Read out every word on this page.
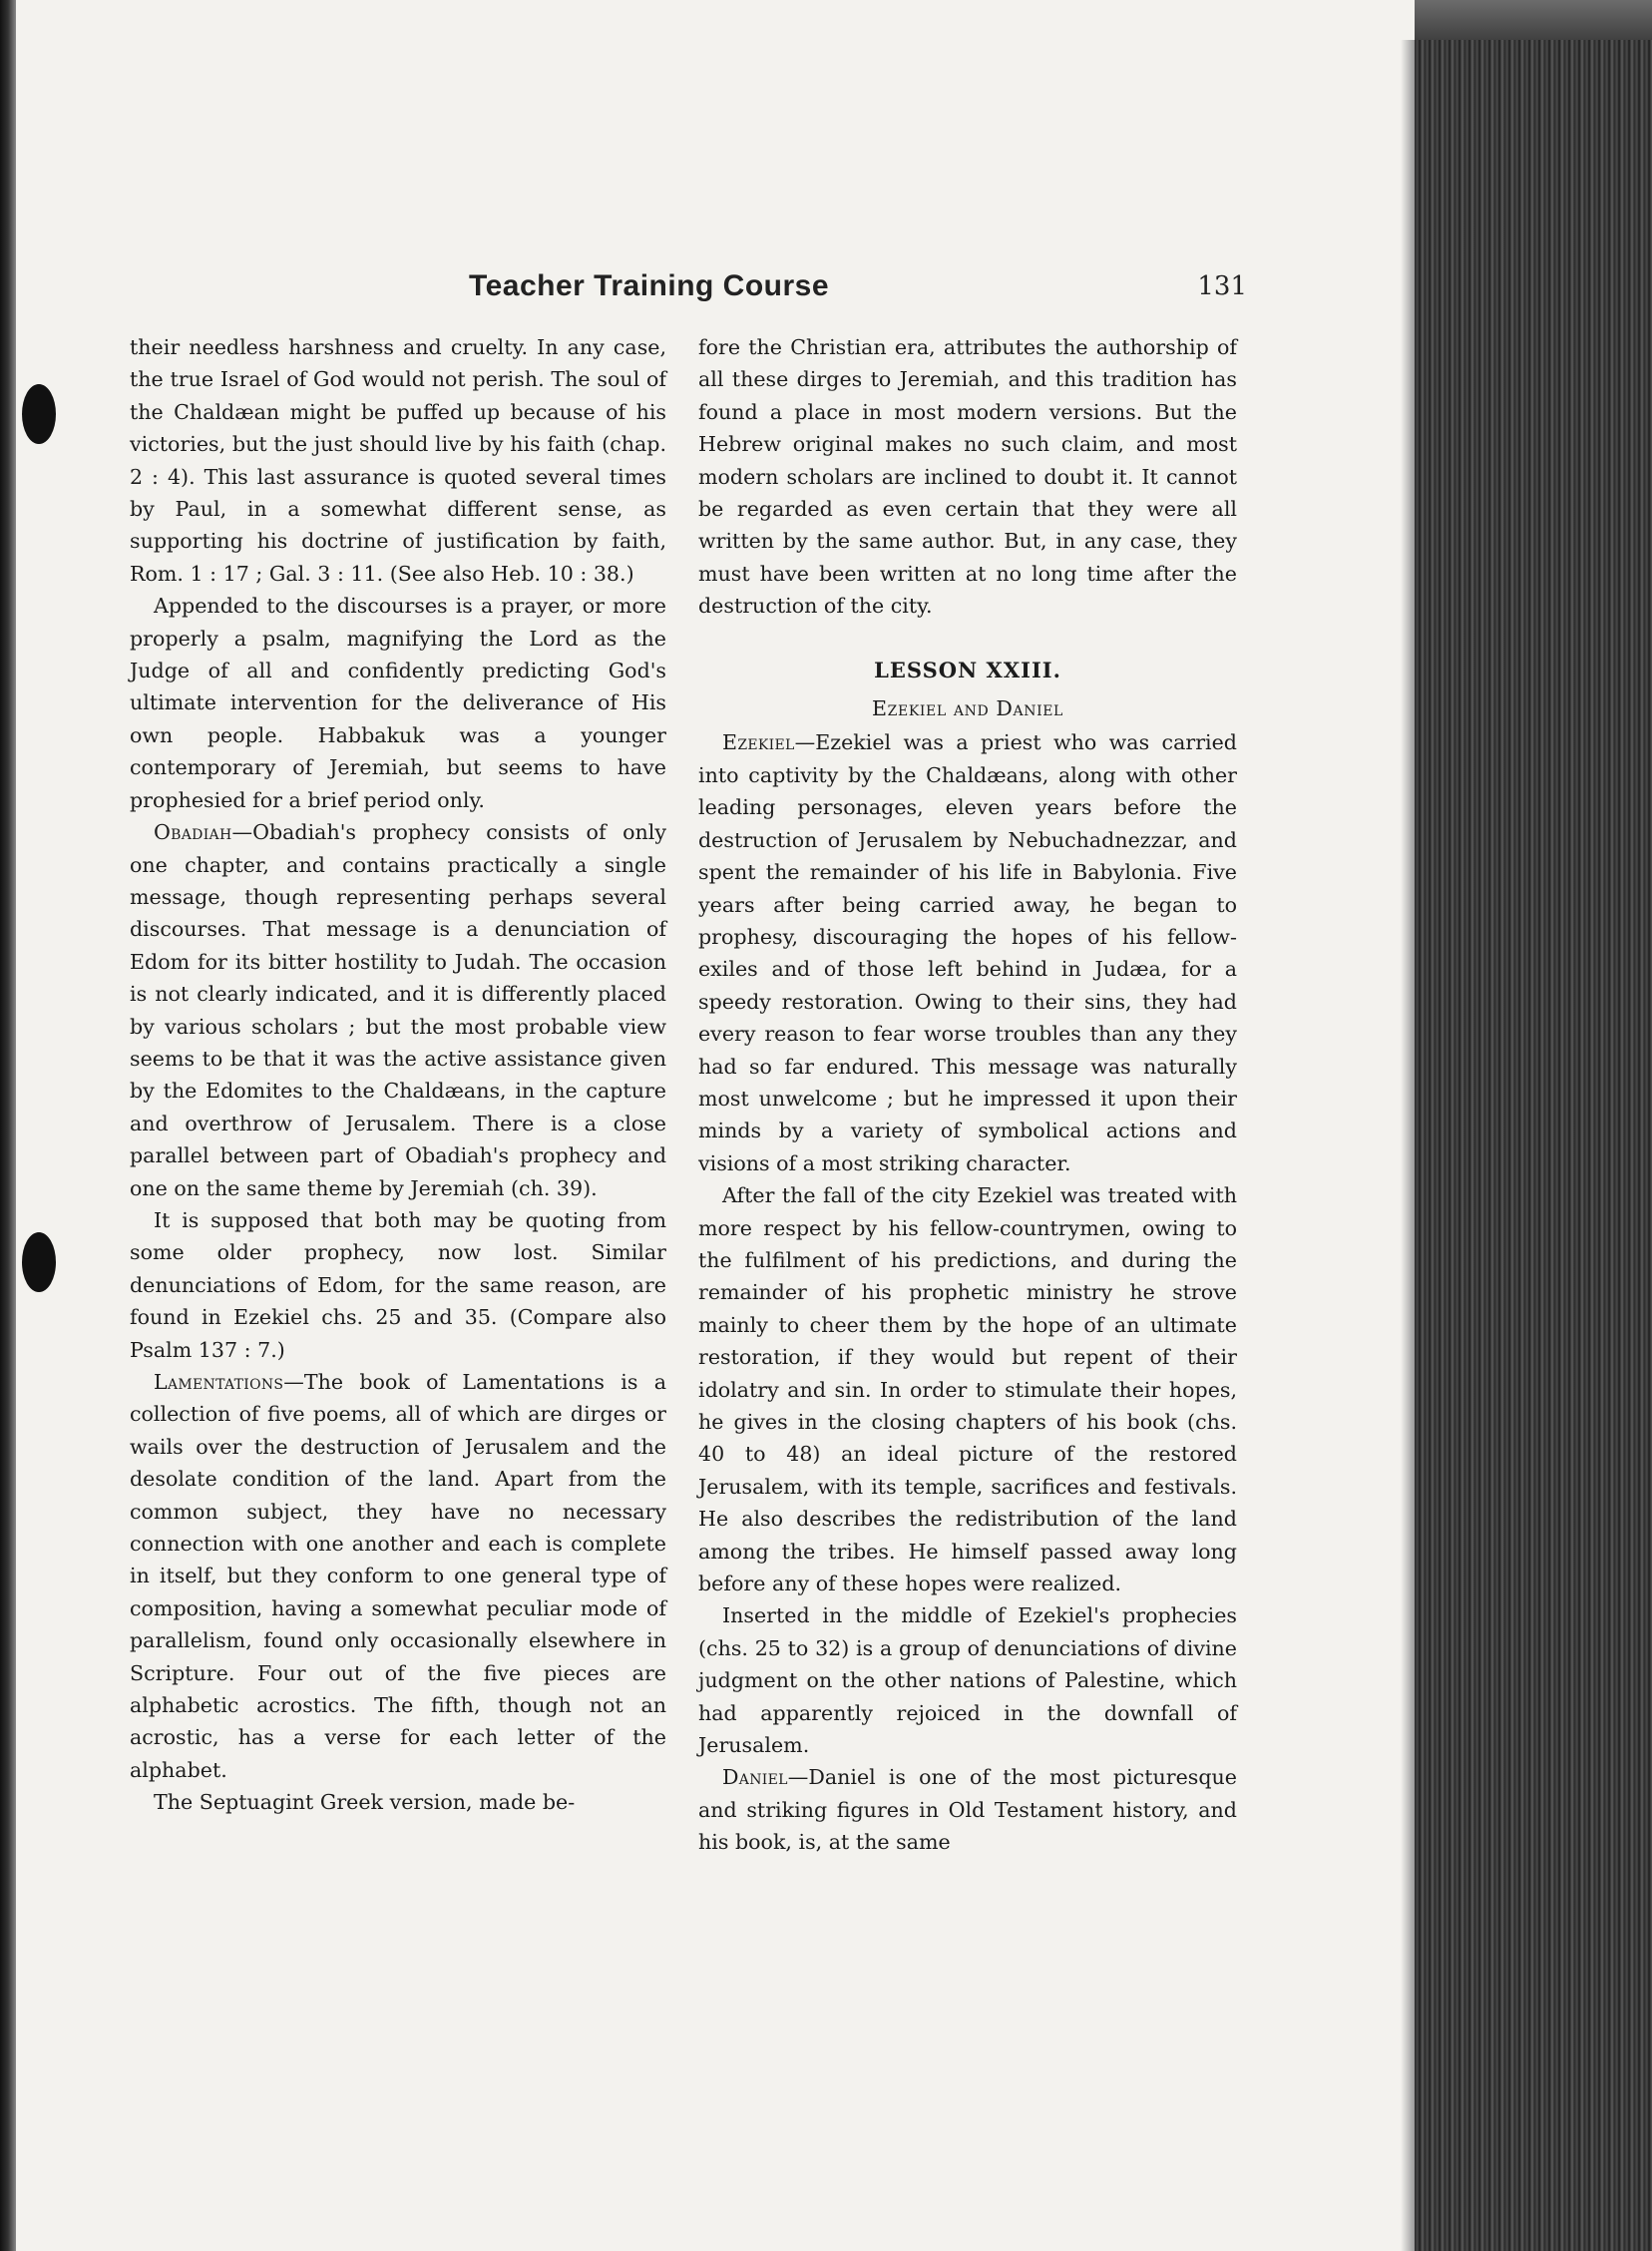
Teacher Training Course	131

their needless harshness and cruelty. In any case, the true Israel of God would not perish. The soul of the Chaldæan might be puffed up because of his victories, but the just should live by his faith (chap. 2 : 4). This last assurance is quoted several times by Paul, in a somewhat different sense, as supporting his doctrine of justification by faith, Rom. 1 : 17 ; Gal. 3 : 11. (See also Heb. 10 : 38.)

Appended to the discourses is a prayer, or more properly a psalm, magnifying the Lord as the Judge of all and confidently predicting God's ultimate intervention for the deliverance of His own people. Habbakuk was a younger contemporary of Jeremiah, but seems to have prophesied for a brief period only.

Obadiah—Obadiah's prophecy consists of only one chapter, and contains practically a single message, though representing perhaps several discourses. That message is a denunciation of Edom for its bitter hostility to Judah. The occasion is not clearly indicated, and it is differently placed by various scholars ; but the most probable view seems to be that it was the active assistance given by the Edomites to the Chaldæans, in the capture and overthrow of Jerusalem. There is a close parallel between part of Obadiah's prophecy and one on the same theme by Jeremiah (ch. 39).

It is supposed that both may be quoting from some older prophecy, now lost. Similar denunciations of Edom, for the same reason, are found in Ezekiel chs. 25 and 35. (Compare also Psalm 137 : 7.)

Lamentations—The book of Lamentations is a collection of five poems, all of which are dirges or wails over the destruction of Jerusalem and the desolate condition of the land. Apart from the common subject, they have no necessary connection with one another and each is complete in itself, but they conform to one general type of composition, having a somewhat peculiar mode of parallelism, found only occasionally elsewhere in Scripture. Four out of the five pieces are alphabetic acrostics. The fifth, though not an acrostic, has a verse for each letter of the alphabet.

The Septuagint Greek version, made be-

fore the Christian era, attributes the authorship of all these dirges to Jeremiah, and this tradition has found a place in most modern versions. But the Hebrew original makes no such claim, and most modern scholars are inclined to doubt it. It cannot be regarded as even certain that they were all written by the same author. But, in any case, they must have been written at no long time after the destruction of the city.

LESSON XXIII.
Ezekiel and Daniel

Ezekiel—Ezekiel was a priest who was carried into captivity by the Chaldæans, along with other leading personages, eleven years before the destruction of Jerusalem by Nebuchadnezzar, and spent the remainder of his life in Babylonia. Five years after being carried away, he began to prophesy, discouraging the hopes of his fellow-exiles and of those left behind in Judæa, for a speedy restoration. Owing to their sins, they had every reason to fear worse troubles than any they had so far endured. This message was naturally most unwelcome ; but he impressed it upon their minds by a variety of symbolical actions and visions of a most striking character.

After the fall of the city Ezekiel was treated with more respect by his fellow-countrymen, owing to the fulfilment of his predictions, and during the remainder of his prophetic ministry he strove mainly to cheer them by the hope of an ultimate restoration, if they would but repent of their idolatry and sin. In order to stimulate their hopes, he gives in the closing chapters of his book (chs. 40 to 48) an ideal picture of the restored Jerusalem, with its temple, sacrifices and festivals. He also describes the redistribution of the land among the tribes. He himself passed away long before any of these hopes were realized.

Inserted in the middle of Ezekiel's prophecies (chs. 25 to 32) is a group of denunciations of divine judgment on the other nations of Palestine, which had apparently rejoiced in the downfall of Jerusalem.

Daniel—Daniel is one of the most picturesque and striking figures in Old Testament history, and his book, is, at the same
